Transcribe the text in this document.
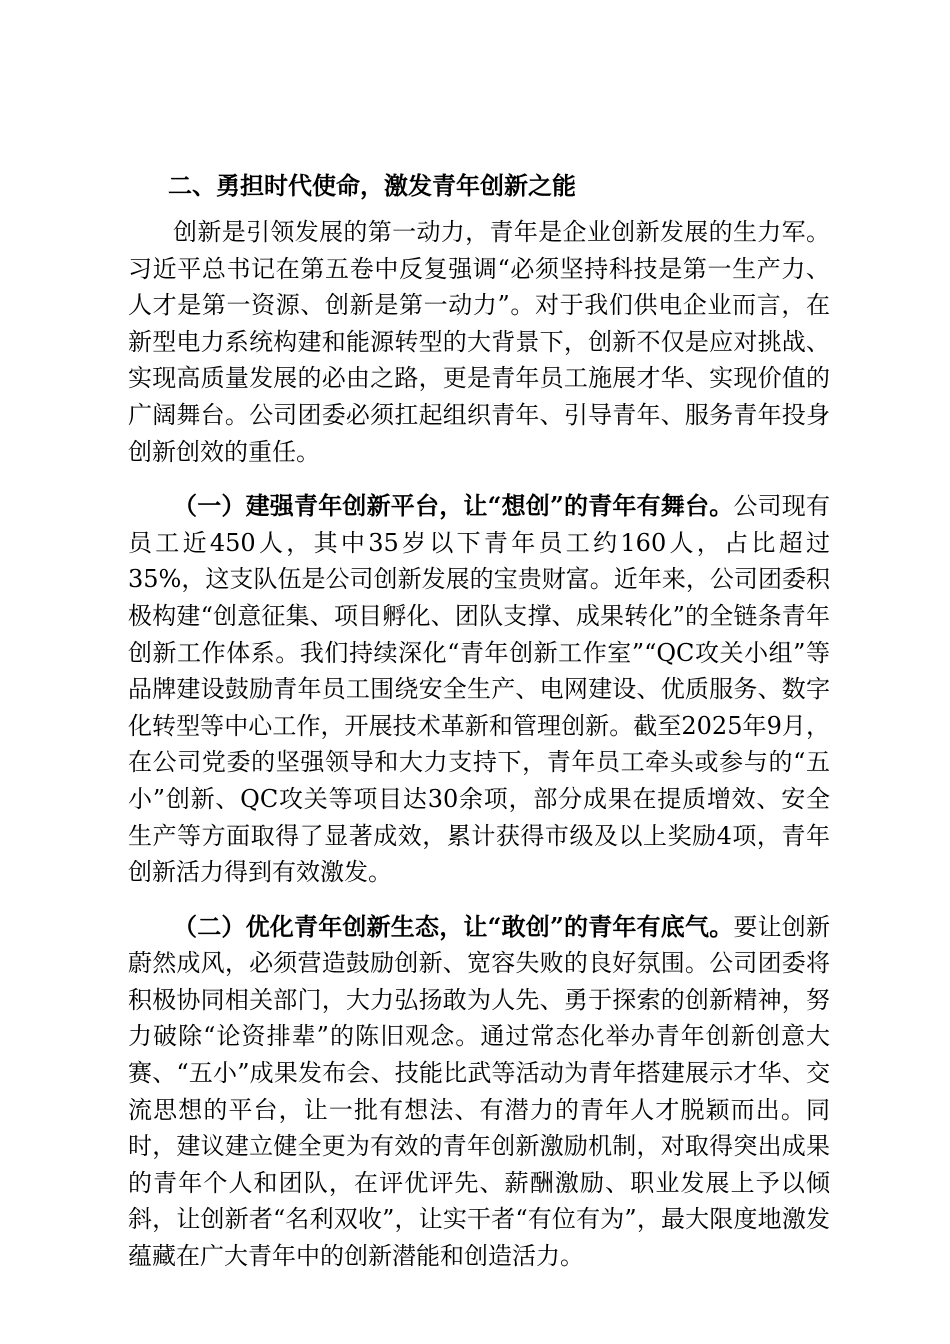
二、勇担时代使命，激发青年创新之能

创新是引领发展的第一动力，青年是企业创新发展的生力军。习近平总书记在第五卷中反复强调“必须坚持科技是第一生产力、人才是第一资源、创新是第一动力”。对于我们供电企业而言，在新型电力系统构建和能源转型的大背景下，创新不仅是应对挑战、实现高质量发展的必由之路，更是青年员工施展才华、实现价值的广阔舞台。公司团委必须扛起组织青年、引导青年、服务青年投身创新创效的重任。

（一）建强青年创新平台，让“想创”的青年有舞台。公司现有员工近450人，其中35岁以下青年员工约160人，占比超过35%，这支队伍是公司创新发展的宝贵财富。近年来，公司团委积极构建“创意征集、项目孵化、团队支撑、成果转化”的全链条青年创新工作体系。我们持续深化“青年创新工作室”“QC攻关小组”等品牌建设鼓励青年员工围绕安全生产、电网建设、优质服务、数字化转型等中心工作，开展技术革新和管理创新。截至2025年9月，在公司党委的坚强领导和大力支持下，青年员工牵头或参与的“五小”创新、QC攻关等项目达30余项，部分成果在提质增效、安全生产等方面取得了显著成效，累计获得市级及以上奖励4项，青年创新活力得到有效激发。

（二）优化青年创新生态，让“敢创”的青年有底气。要让创新蔚然成风，必须营造鼓励创新、宽容失败的良好氛围。公司团委将积极协同相关部门，大力弘扬敢为人先、勇于探索的创新精神，努力破除“论资排辈”的陈旧观念。通过常态化举办青年创新创意大赛、“五小”成果发布会、技能比武等活动为青年搭建展示才华、交流思想的平台，让一批有想法、有潜力的青年人才脱颖而出。同时，建议建立健全更为有效的青年创新激励机制，对取得突出成果的青年个人和团队，在评优评先、薪酬激励、职业发展上予以倾斜，让创新者“名利双收”，让实干者“有位有为”，最大限度地激发蕴藏在广大青年中的创新潜能和创造活力。
